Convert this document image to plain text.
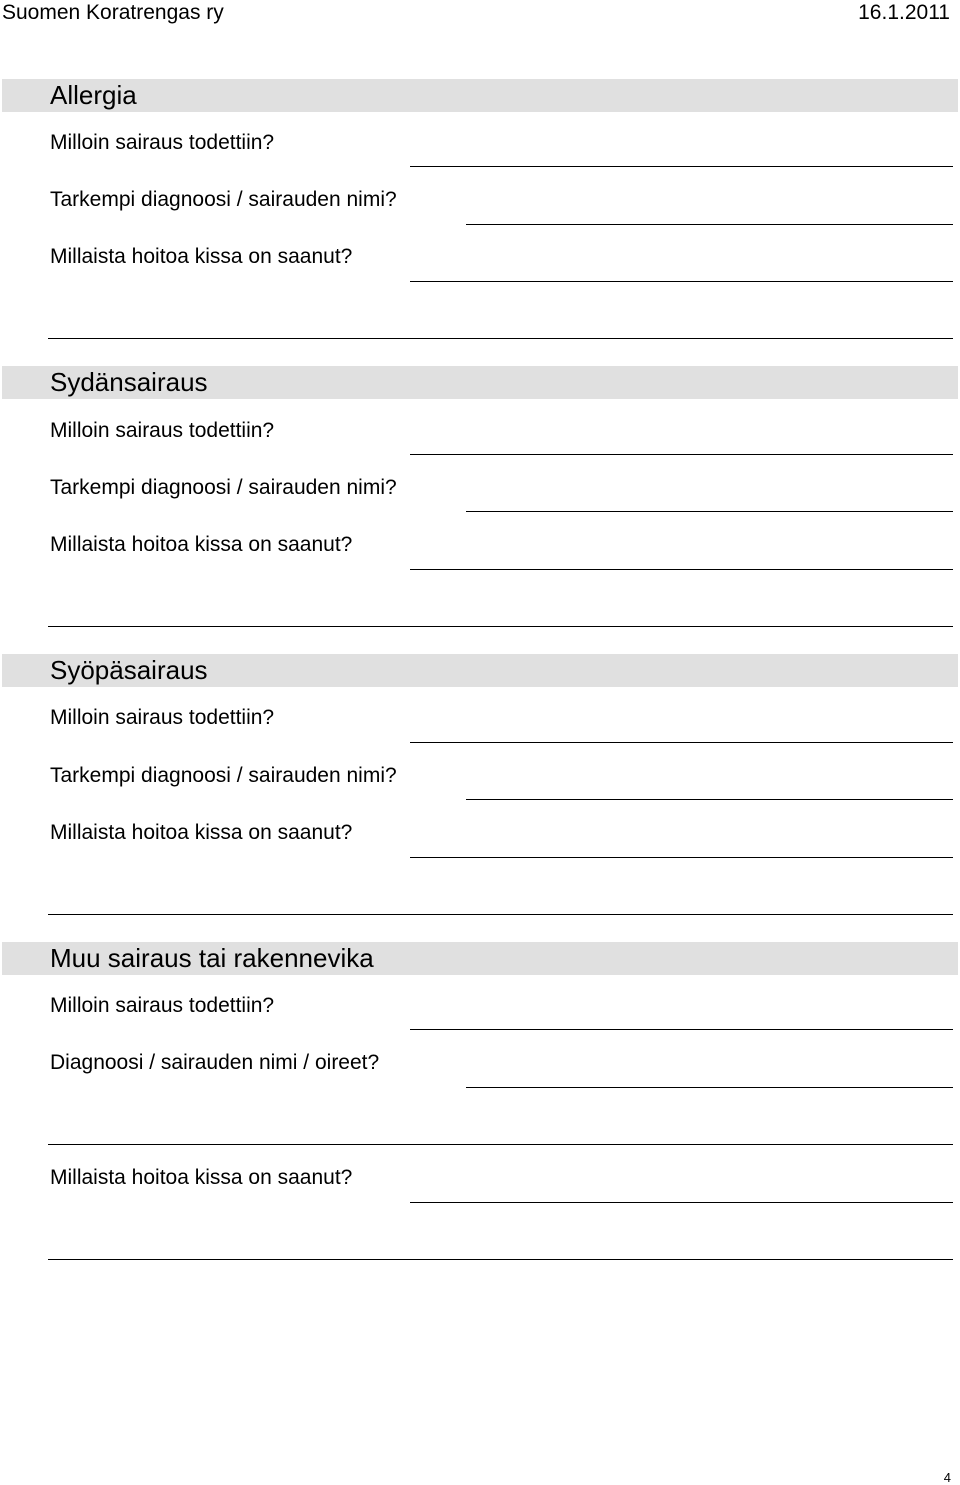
Suomen Koratrengas ry	16.1.2011
Allergia
Milloin sairaus todettiin?
Tarkempi diagnoosi / sairauden nimi?
Millaista hoitoa kissa on saanut?
Sydänsairaus
Milloin sairaus todettiin?
Tarkempi diagnoosi / sairauden nimi?
Millaista hoitoa kissa on saanut?
Syöpäsairaus
Milloin sairaus todettiin?
Tarkempi diagnoosi / sairauden nimi?
Millaista hoitoa kissa on saanut?
Muu sairaus tai rakennevika
Milloin sairaus todettiin?
Diagnoosi / sairauden nimi / oireet?
Millaista hoitoa kissa on saanut?
4
